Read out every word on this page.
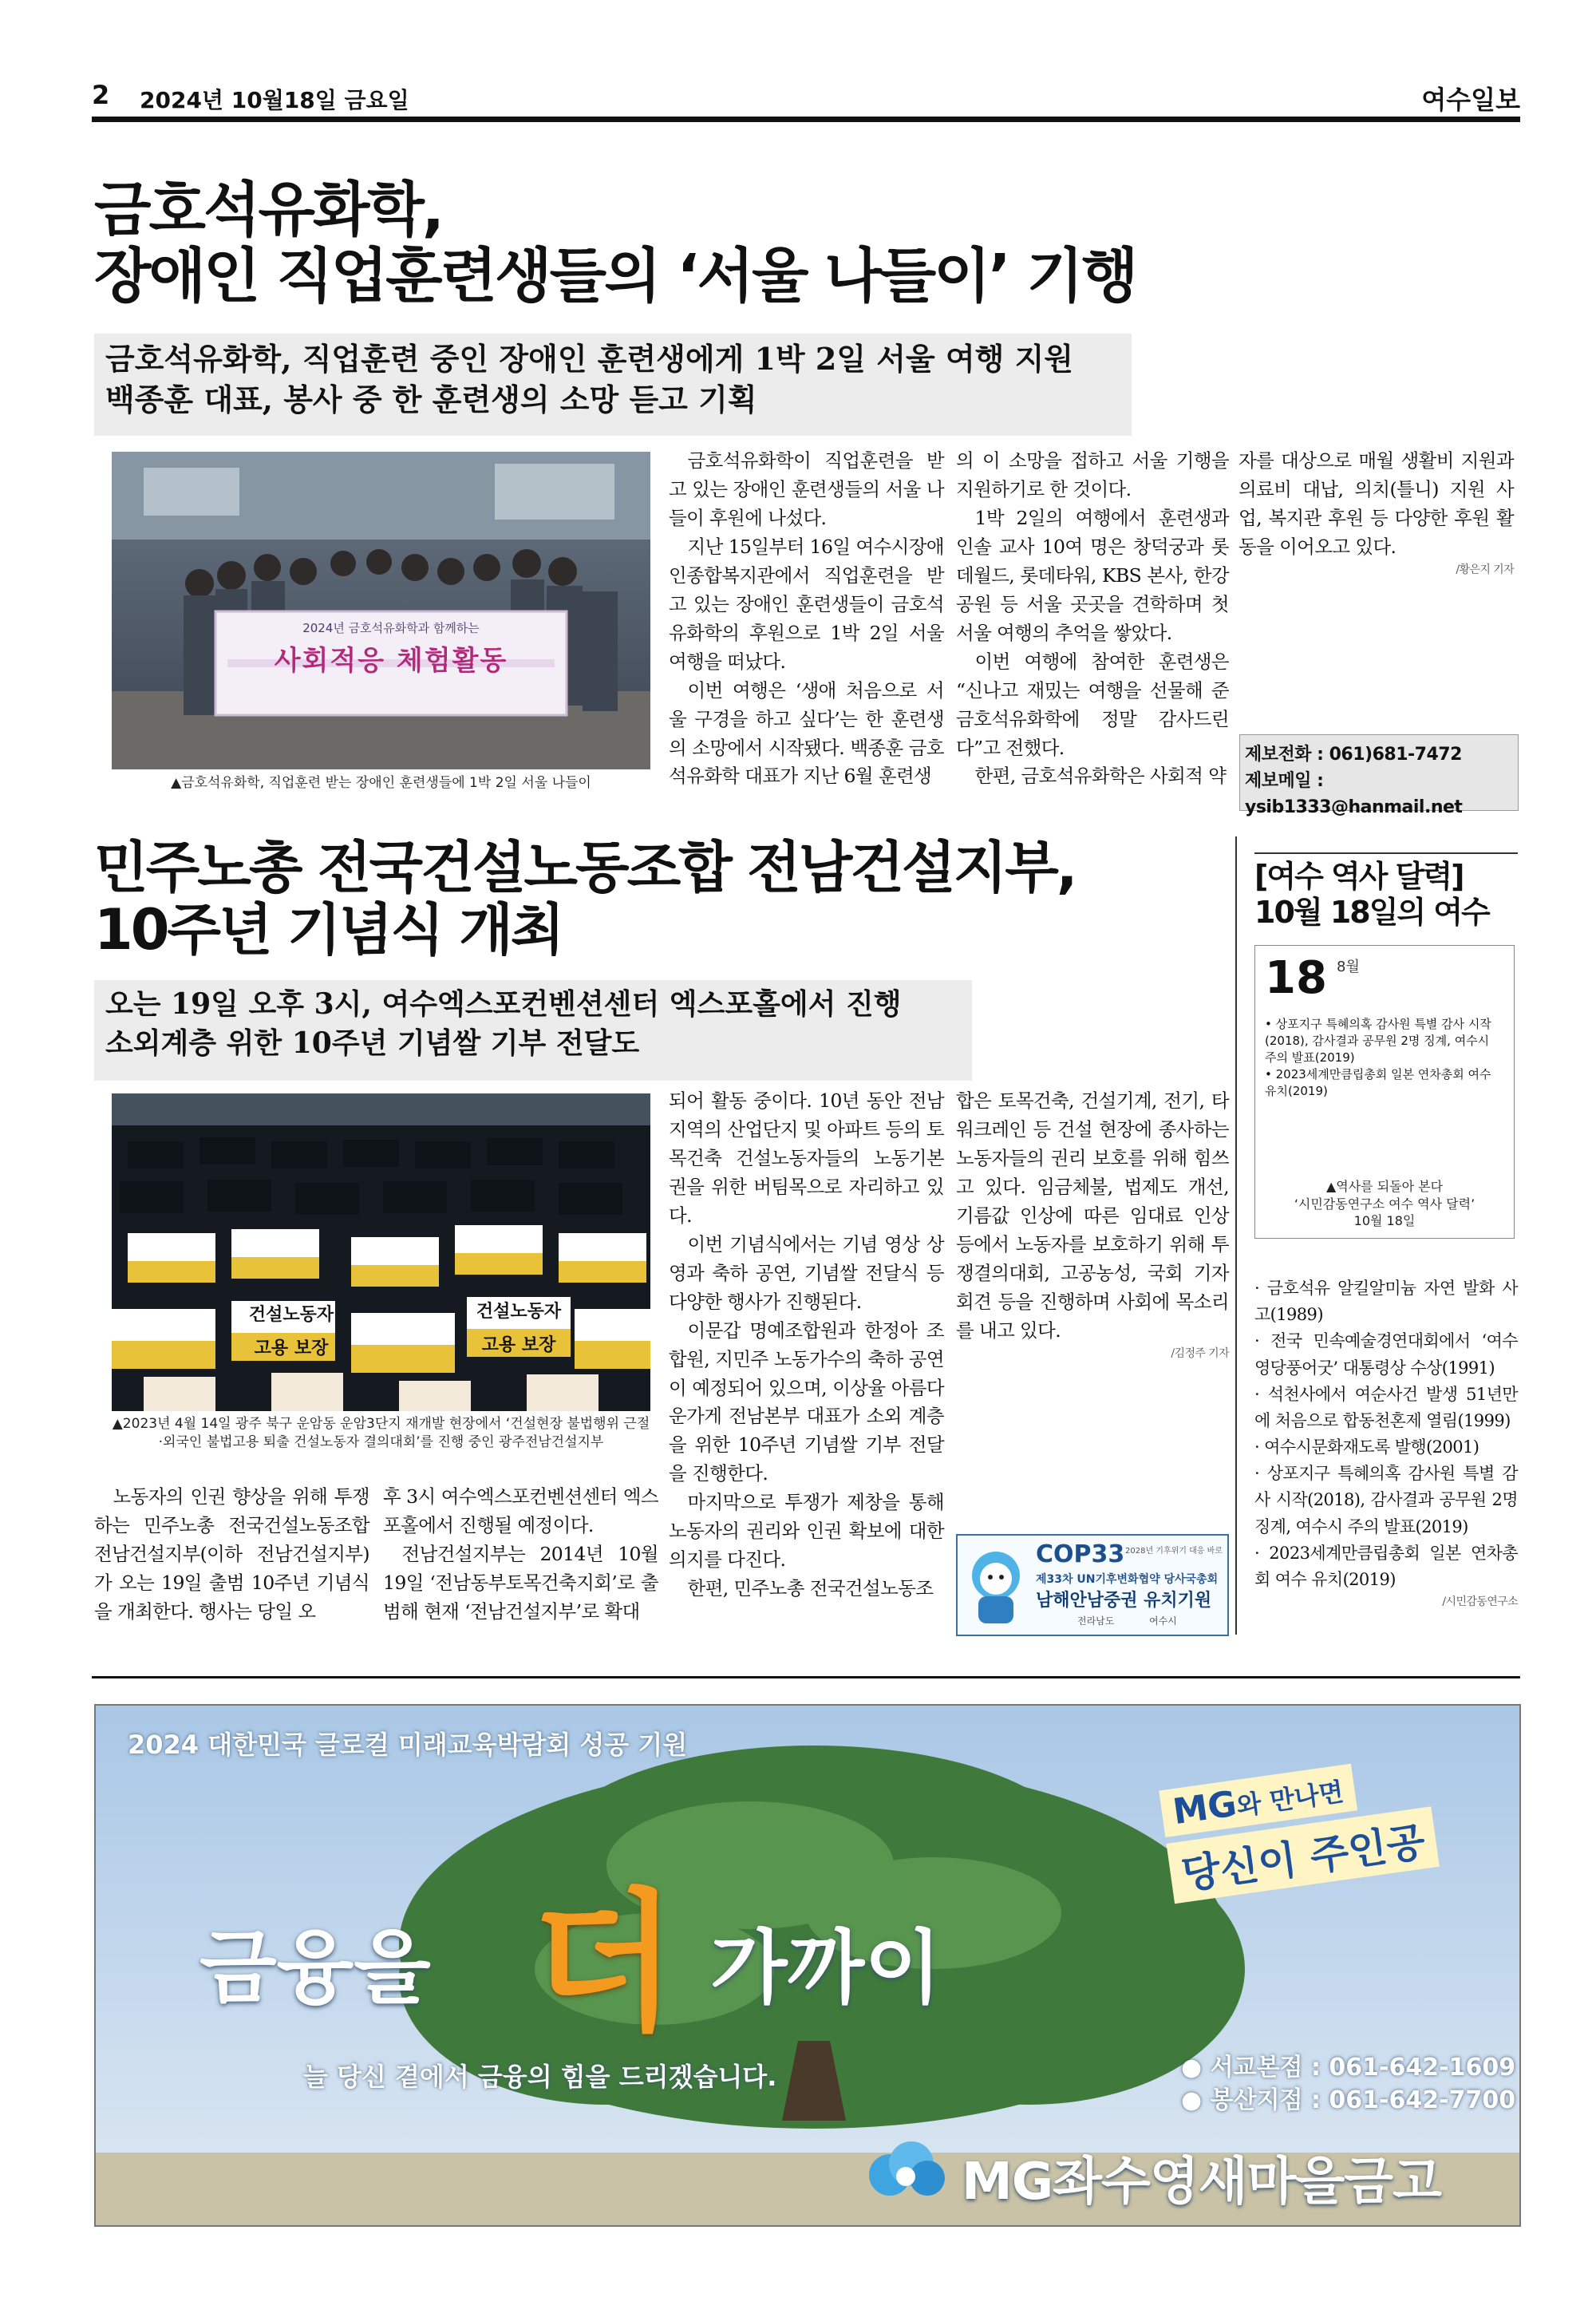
2 2024년 10월18일 금요일	여수일보
금호석유화학,
장애인 직업훈련생들의 ‘서울 나들이’ 기행
금호석유화학, 직업훈련 중인 장애인 훈련생에게 1박 2일 서울 여행 지원
백종훈 대표, 봉사 중 한 훈련생의 소망 듣고 기획
2024년 금호석유화학과 함께하는
사회적응 체험활동
▲금호석유화학, 직업훈련 받는 장애인 훈련생들에 1박 2일 서울 나들이

금호석유화학이 직업훈련을 받고 있는 장애인 훈련생들의 서울 나들이 후원에 나섰다.

지난 15일부터 16일 여수시장애인종합복지관에서 직업훈련을 받고 있는 장애인 훈련생들이 금호석유화학의 후원으로 1박 2일 서울 여행을 떠났다.

이번 여행은 ‘생애 처음으로 서울 구경을 하고 싶다’는 한 훈련생의 소망에서 시작됐다. 백종훈 금호석유화학 대표가 지난 6월 훈련생

의 이 소망을 접하고 서울 기행을 지원하기로 한 것이다.

1박 2일의 여행에서 훈련생과 인솔 교사 10여 명은 창덕궁과 롯데월드, 롯데타워, KBS 본사, 한강공원 등 서울 곳곳을 견학하며 첫 서울 여행의 추억을 쌓았다.

이번 여행에 참여한 훈련생은 “신나고 재밌는 여행을 선물해 준 금호석유화학에 정말 감사드린다”고 전했다.

한편, 금호석유화학은 사회적 약

자를 대상으로 매월 생활비 지원과 의료비 대납, 의치(틀니) 지원 사업, 복지관 후원 등 다양한 후원 활동을 이어오고 있다.

/황은지 기자
제보전화 : 061)681-7472
제보메일 : ysib1333@hanmail.net
민주노총 전국건설노동조합 전남건설지부,
10주년 기념식 개최
오는 19일 오후 3시, 여수엑스포컨벤션센터 엑스포홀에서 진행
소외계층 위한 10주년 기념쌀 기부 전달도
건설노동자
고용 보장
건설노동자
고용 보장
▲2023년 4월 14일 광주 북구 운암동 운암3단지 재개발 현장에서 ‘건설현장 불법행위 근절·외국인 불법고용 퇴출 건설노동자 결의대회’를 진행 중인 광주전남건설지부

노동자의 인권 향상을 위해 투쟁하는 민주노총 전국건설노동조합 전남건설지부(이하 전남건설지부)가 오는 19일 출범 10주년 기념식을 개최한다. 행사는 당일 오

후 3시 여수엑스포컨벤션센터 엑스포홀에서 진행될 예정이다.

전남건설지부는 2014년 10월 19일 ‘전남동부토목건축지회’로 출범해 현재 ‘전남건설지부’로 확대

되어 활동 중이다. 10년 동안 전남 지역의 산업단지 및 아파트 등의 토목건축 건설노동자들의 노동기본권을 위한 버팀목으로 자리하고 있다.

이번 기념식에서는 기념 영상 상영과 축하 공연, 기념쌀 전달식 등 다양한 행사가 진행된다.

이문갑 명예조합원과 한정아 조합원, 지민주 노동가수의 축하 공연이 예정되어 있으며, 이상율 아름다운가게 전남본부 대표가 소외 계층을 위한 10주년 기념쌀 기부 전달을 진행한다.

마지막으로 투쟁가 제창을 통해 노동자의 권리와 인권 확보에 대한 의지를 다진다.

한편, 민주노총 전국건설노동조

합은 토목건축, 건설기계, 전기, 타워크레인 등 건설 현장에 종사하는 노동자들의 권리 보호를 위해 힘쓰고 있다. 임금체불, 법제도 개선, 기름값 인상에 따른 임대료 인상 등에서 노동자를 보호하기 위해 투쟁결의대회, 고공농성, 국회 기자회견 등을 진행하며 사회에 목소리를 내고 있다.

/김정주 기자
COP33 2028년 기후위기 대응 바로
제33차 UN기후변화협약 당사국총회
남해안남중권 유치기원
전라남도	여수시
[여수 역사 달력]
10월 18일의 여수
18 8월
• 상포지구 특혜의혹 감사원 특별 감사 시작(2018), 감사결과 공무원 2명 징계, 여수시 주의 발표(2019)
• 2023세계만큼립총회 일본 연차총회 여수 유치(2019)
▲역사를 되돌아 본다
‘시민감동연구소 여수 역사 달력’
10월 18일
· 금호석유 알킬알미늄 자연 발화 사고(1989)
· 전국 민속예술경연대회에서 ‘여수 영당풍어굿’ 대통령상 수상(1991)
· 석천사에서 여순사건 발생 51년만에 처음으로 합동천혼제 열림(1999)
· 여수시문화재도록 발행(2001)
· 상포지구 특혜의혹 감사원 특별 감사 시작(2018), 감사결과 공무원 2명 징계, 여수시 주의 발표(2019)
· 2023세계만큼립총회 일본 연차총회 여수 유치(2019)
/시민감동연구소
2024 대한민국 글로컬 미래교육박람회 성공 기원
금융을 더 가까이
늘 당신 곁에서 금융의 힘을 드리겠습니다.
MG와 만나면 당신이 주인공
● 서교본점 : 061-642-1609
● 봉산지점 : 061-642-7700
MG좌수영새마을금고
